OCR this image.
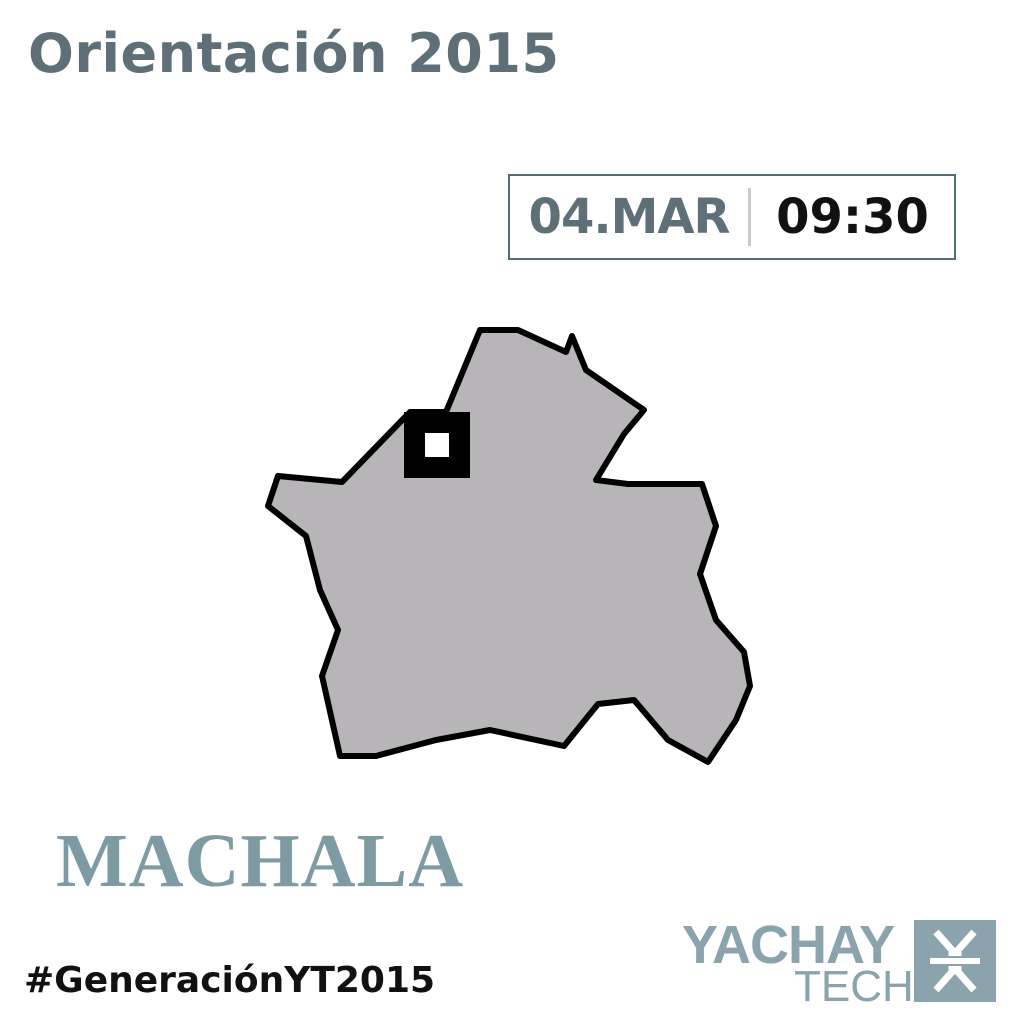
Orientación 2015
04.MAR 09:30
MACHALA
#GeneraciónYT2015
YACHAY
TECH
